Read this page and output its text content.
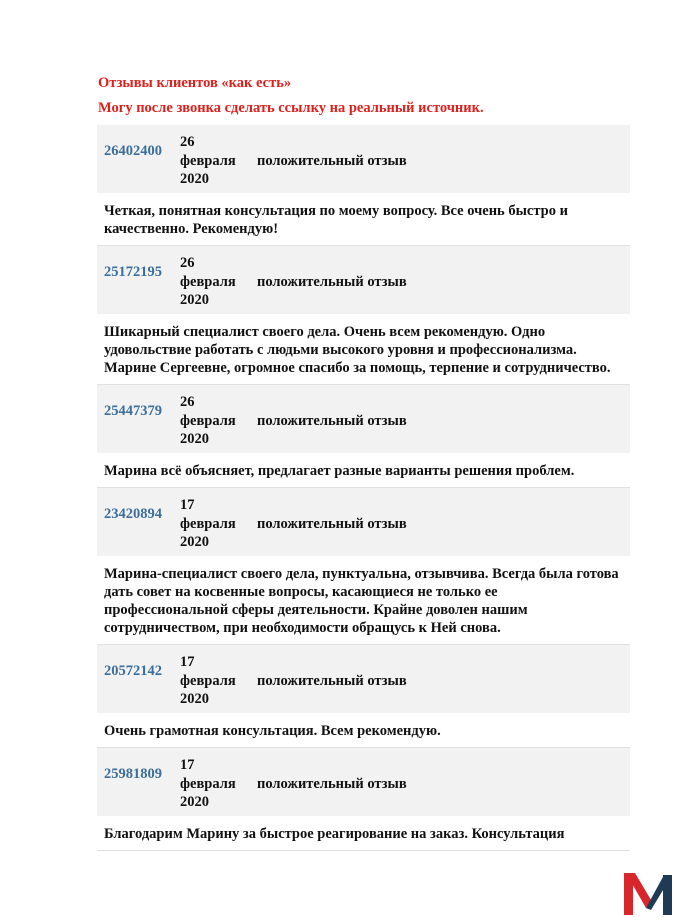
Отзывы клиентов «как есть»
Могу после звонка сделать ссылку на реальный источник.
26402400
26
февраля
2020
положительный отзыв
Четкая, понятная консультация по моему вопросу. Все очень быстро и качественно. Рекомендую!
25172195
26
февраля
2020
положительный отзыв
Шикарный специалист своего дела. Очень всем рекомендую. Одно удовольствие работать с людьми высокого уровня и профессионализма. Марине Сергеевне, огромное спасибо за помощь, терпение и сотрудничество.
25447379
26
февраля
2020
положительный отзыв
Марина всё объясняет, предлагает разные варианты решения проблем.
23420894
17
февраля
2020
положительный отзыв
Марина-специалист своего дела, пунктуальна, отзывчива. Всегда была готова дать совет на косвенные вопросы, касающиеся не только ее профессиональной сферы деятельности. Крайне доволен нашим сотрудничеством, при необходимости обращусь к Ней снова.
20572142
17
февраля
2020
положительный отзыв
Очень грамотная консультация. Всем рекомендую.
25981809
17
февраля
2020
положительный отзыв
Благодарим Марину за быстрое реагирование на заказ. Консультация
